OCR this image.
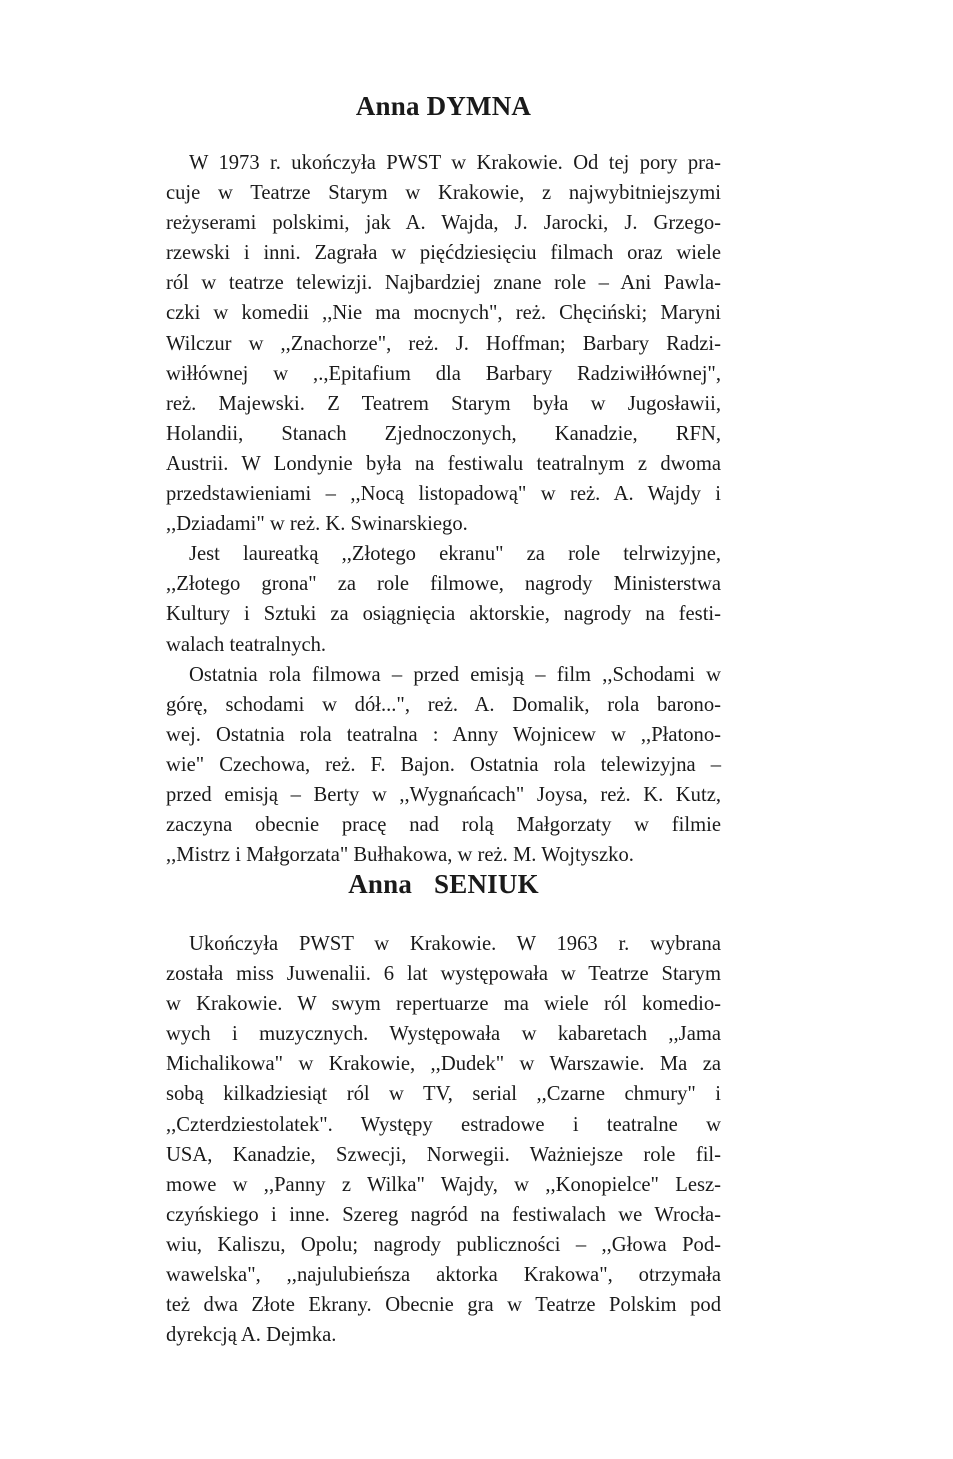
Anna DYMNA

W 1973 r. ukończyła PWST w Krakowie. Od tej pory pra-
cuje w Teatrze Starym w Krakowie, z najwybitniejszymi
reżyserami polskimi, jak A. Wajda, J. Jarocki, J. Grzego-
rzewski i inni. Zagrała w pięćdziesięciu filmach oraz wiele
ról w teatrze telewizji. Najbardziej znane role – Ani Pawla-
czki w komedii ,,Nie ma mocnych", reż. Chęciński; Maryni
Wilczur w ,,Znachorze", reż. J. Hoffman; Barbary Radzi-
wiłłównej w ,.,Epitafium dla Barbary Radziwiłłównej",
reż. Majewski. Z Teatrem Starym była w Jugosławii,
Holandii, Stanach Zjednoczonych, Kanadzie, RFN,
Austrii. W Londynie była na festiwalu teatralnym z dwoma
przedstawieniami – ,,Nocą listopadową" w reż. A. Wajdy i
,,Dziadami" w reż. K. Swinarskiego.

Jest laureatką ,,Złotego ekranu" za role telrwizyjne,
,,Złotego grona" za role filmowe, nagrody Ministerstwa
Kultury i Sztuki za osiągnięcia aktorskie, nagrody na festi-
walach teatralnych.

Ostatnia rola filmowa – przed emisją – film ,,Schodami w
górę, schodami w dół...", reż. A. Domalik, rola barono-
wej. Ostatnia rola teatralna : Anny Wojnicew w ,,Płatono-
wie" Czechowa, reż. F. Bajon. Ostatnia rola telewizyjna –
przed emisją – Berty w ,,Wygnańcach" Joysa, reż. K. Kutz,
zaczyna obecnie pracę nad rolą Małgorzaty w filmie
,,Mistrz i Małgorzata" Bułhakowa, w reż. M. Wojtyszko.

Anna SENIUK

Ukończyła PWST w Krakowie. W 1963 r. wybrana
została miss Juwenalii. 6 lat występowała w Teatrze Starym
w Krakowie. W swym repertuarze ma wiele ról komedio-
wych i muzycznych. Występowała w kabaretach ,,Jama
Michalikowa" w Krakowie, ,,Dudek" w Warszawie. Ma za
sobą kilkadziesiąt ról w TV, serial ,,Czarne chmury" i
,,Czterdziestolatek". Występy estradowe i teatralne w
USA, Kanadzie, Szwecji, Norwegii. Ważniejsze role fil-
mowe w ,,Panny z Wilka" Wajdy, w ,,Konopielce" Lesz-
czyńskiego i inne. Szereg nagród na festiwalach we Wrocła-
wiu, Kaliszu, Opolu; nagrody publiczności – ,,Głowa Pod-
wawelska", ,,najulubieńsza aktorka Krakowa", otrzymała
też dwa Złote Ekrany. Obecnie gra w Teatrze Polskim pod
dyrekcją A. Dejmka.
